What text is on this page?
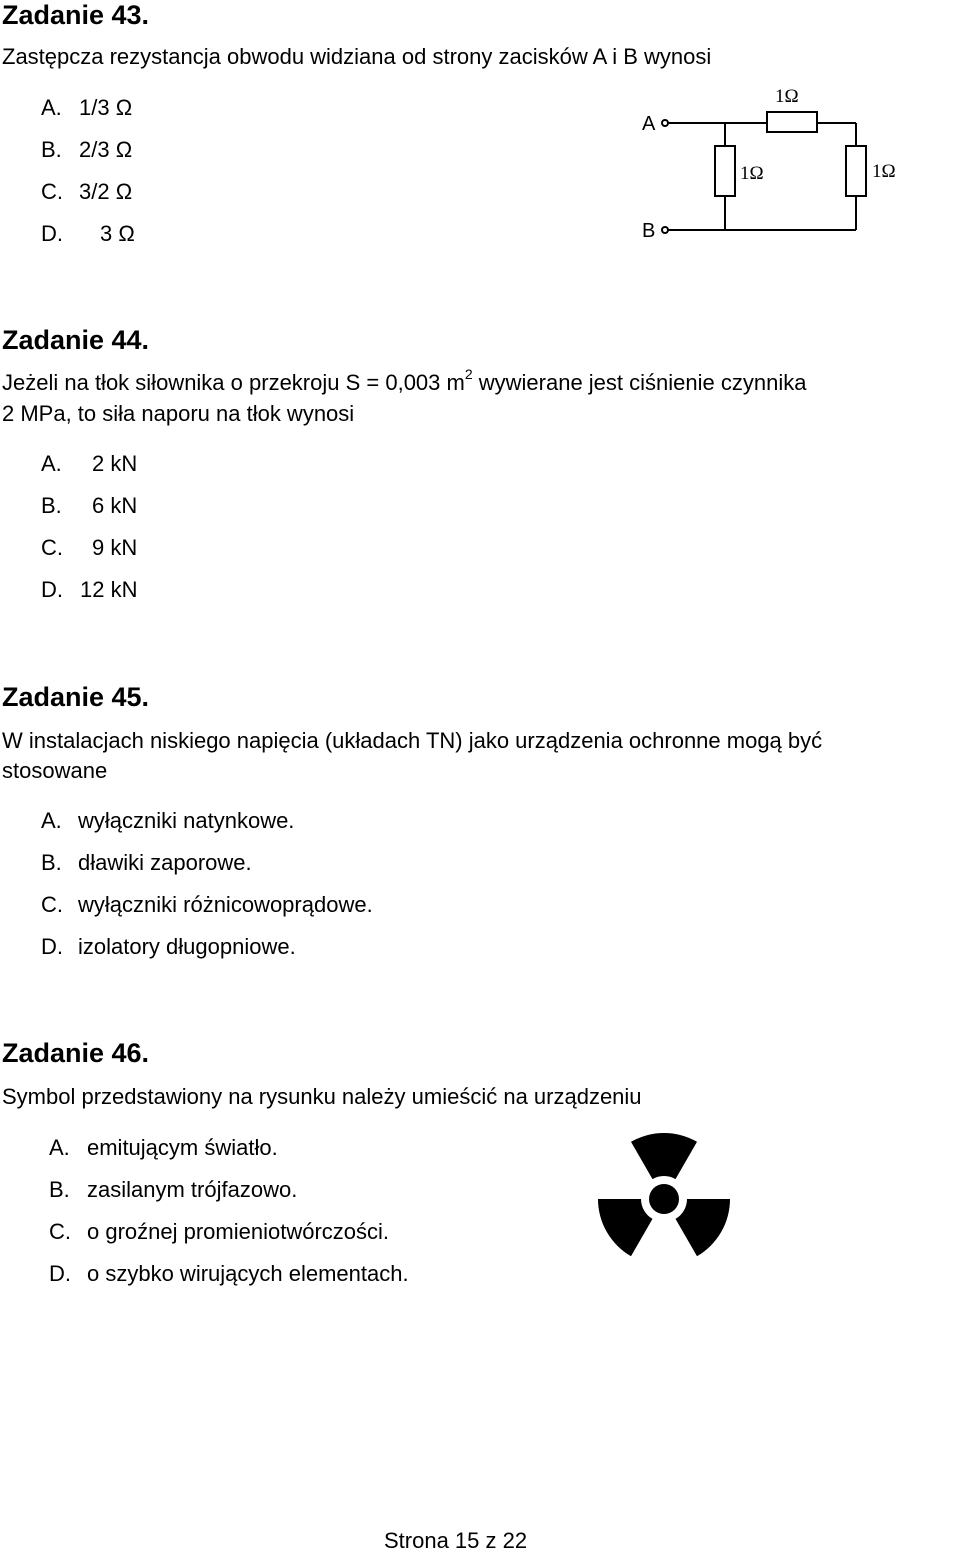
Zadanie 43.
Zastępcza rezystancja obwodu widziana od strony zacisków A i B wynosi
A. 1/3 Ω
B. 2/3 Ω
C. 3/2 Ω
D. 3 Ω
A
B
1Ω
1Ω	1Ω
Zadanie 44.
Jeżeli na tłok siłownika o przekroju S = 0,003 $m^2$ wywierane jest ciśnienie czynnika
2 MPa, to siła naporu na tłok wynosi
A. 2 kN
B. 6 kN
C. 9 kN
D. 12 kN
Zadanie 45.
W instalacjach niskiego napięcia (układach TN) jako urządzenia ochronne mogą być
stosowane
A. wyłączniki natynkowe.
B. dławiki zaporowe.
C. wyłączniki różnicowoprądowe.
D. izolatory długopniowe.
Zadanie 46.
Symbol przedstawiony na rysunku należy umieścić na urządzeniu
A. emitującym światło.
B. zasilanym trójfazowo.
C. o groźnej promieniotwórczości.
D. o szybko wirujących elementach.
Strona 15 z 22
